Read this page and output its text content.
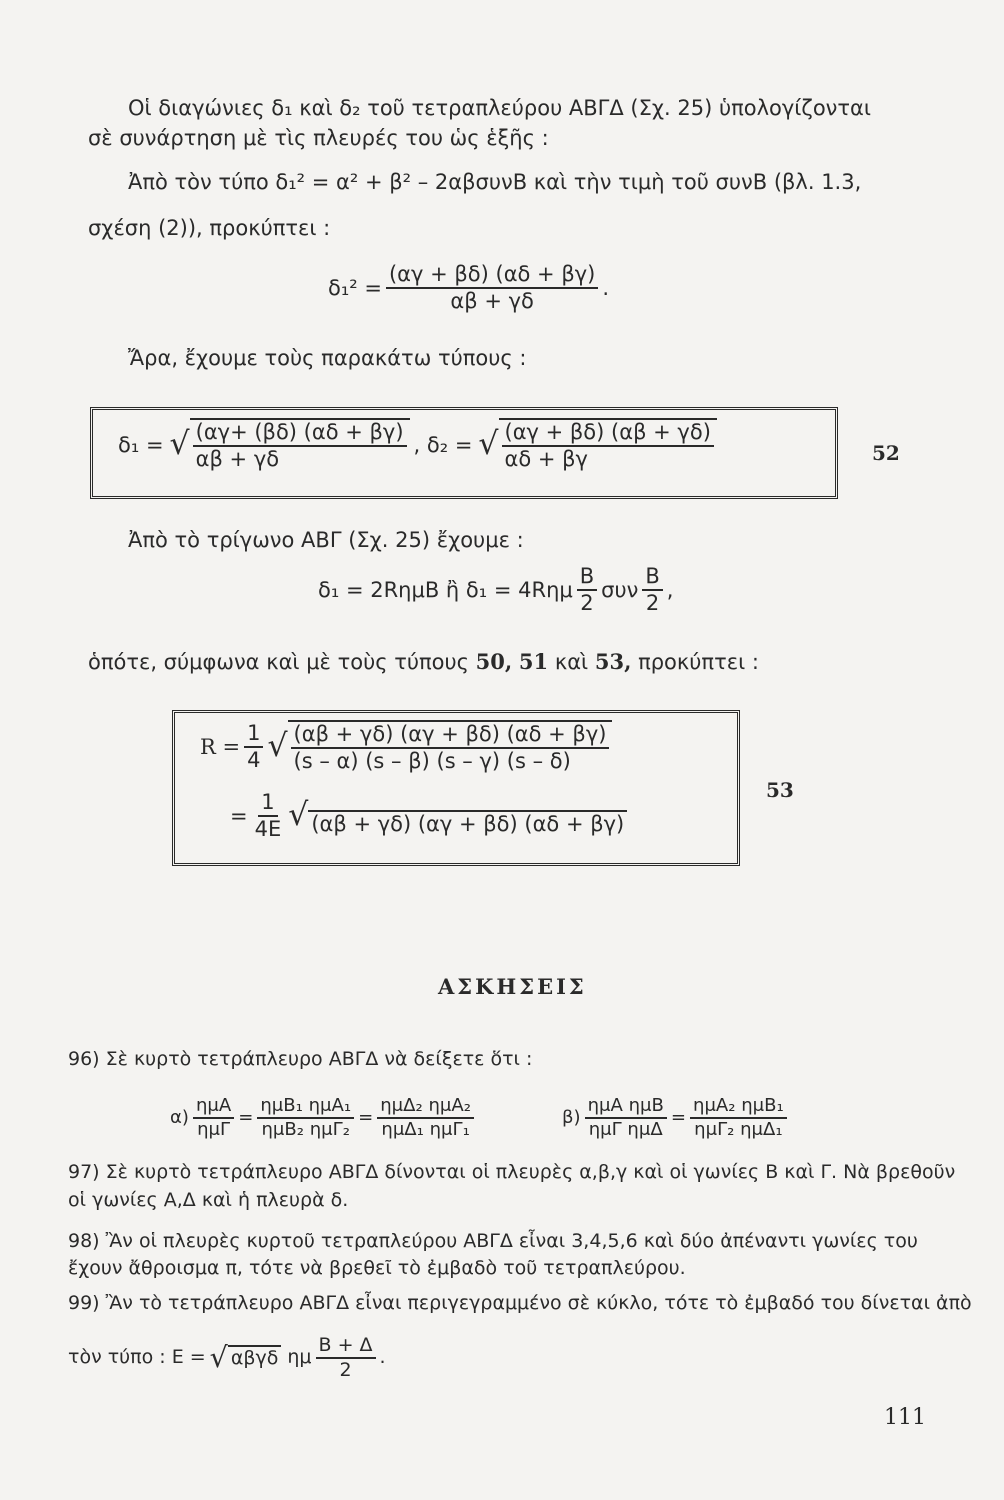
Οἱ διαγώνιες δ₁ καὶ δ₂ τοῦ τετραπλεύρου ΑΒΓΔ (Σχ. 25) ὑπολογίζονται
σὲ συνάρτηση μὲ τὶς πλευρές του ὡς ἑξῆς :
Ἀπὸ τὸν τύπο δ₁² = α² + β² – 2αβσυνΒ καὶ τὴν τιμὴ τοῦ συνΒ (βλ. 1.3,
σχέση (2)), προκύπτει :
$\delta_1^2 = \frac{(\alpha\gamma + \beta\delta) (\alpha\delta + \beta\gamma)}{\alpha\beta + \gamma\delta}$ .
Ἄρα, ἔχουμε τοὺς παρακάτω τύπους :
δ₁ = √ $\frac{(\alpha\gamma+ (\beta\delta) (\alpha\delta + \beta\gamma)}{\alpha\beta + \gamma\delta}$ , δ₂ = √ $\frac{(\alpha\gamma + \beta\delta) (\alpha\beta + \gamma\delta)}{\alpha\delta + \beta\gamma}$	52
Ἀπὸ τὸ τρίγωνο ΑΒΓ (Σχ. 25) ἔχουμε :
δ₁ = 2RημΒ ἢ $\delta_1 = 4R\eta\mu \frac{B}{2}$ συν $\frac{B}{2}$ ,
ὁπότε, σύμφωνα καὶ μὲ τοὺς τύπους 50, 51 καὶ 53, προκύπτει :
$R = \frac{1}{4}$ √ $\frac{(\alpha\beta + \gamma\delta) (\alpha\gamma + \beta\delta) (\alpha\delta + \beta\gamma)}{(s - \alpha) (s - \beta) (s - \gamma) (s - \delta)}$
= $\frac{1}{4E}$ √ (αβ + γδ) (αγ + βδ) (αδ + βγ)
53
ΑΣΚΗΣΕΙΣ
96) Σὲ κυρτὸ τετράπλευρο ΑΒΓΔ νὰ δείξετε ὅτι :
$\alpha) \frac{\text{ημΑ}}{\text{ημΓ}} = \frac{\text{ημΒ₁ ημΑ₁}}{\text{ημΒ₂ ημΓ₂}} = \frac{\text{ημΔ₂ ημΑ₂}}{\text{ημΔ₁ ημΓ₁}}$	$\beta) \frac{\text{ημΑ ημΒ}}{\text{ημΓ ημΔ}} = \frac{\text{ημΑ₂ ημΒ₁}}{\text{ημΓ₂ ημΔ₁}}$
97) Σὲ κυρτὸ τετράπλευρο ΑΒΓΔ δίνονται οἱ πλευρὲς α,β,γ καὶ οἱ γωνίες Β καὶ Γ. Νὰ βρεθοῦν
οἱ γωνίες Α,Δ καὶ ἡ πλευρὰ δ.
98) Ἂν οἱ πλευρὲς κυρτοῦ τετραπλεύρου ΑΒΓΔ εἶναι 3,4,5,6 καὶ δύο ἀπέναντι γωνίες του
ἔχουν ἄθροισμα π, τότε νὰ βρεθεῖ τὸ ἐμβαδὸ τοῦ τετραπλεύρου.
99) Ἂν τὸ τετράπλευρο ΑΒΓΔ εἶναι περιγεγραμμένο σὲ κύκλο, τότε τὸ ἐμβαδό του δίνεται ἀπὸ
τὸν τύπο : Ε = √ αβγδ ημ $\frac{B + \Delta}{2}$ .
111
